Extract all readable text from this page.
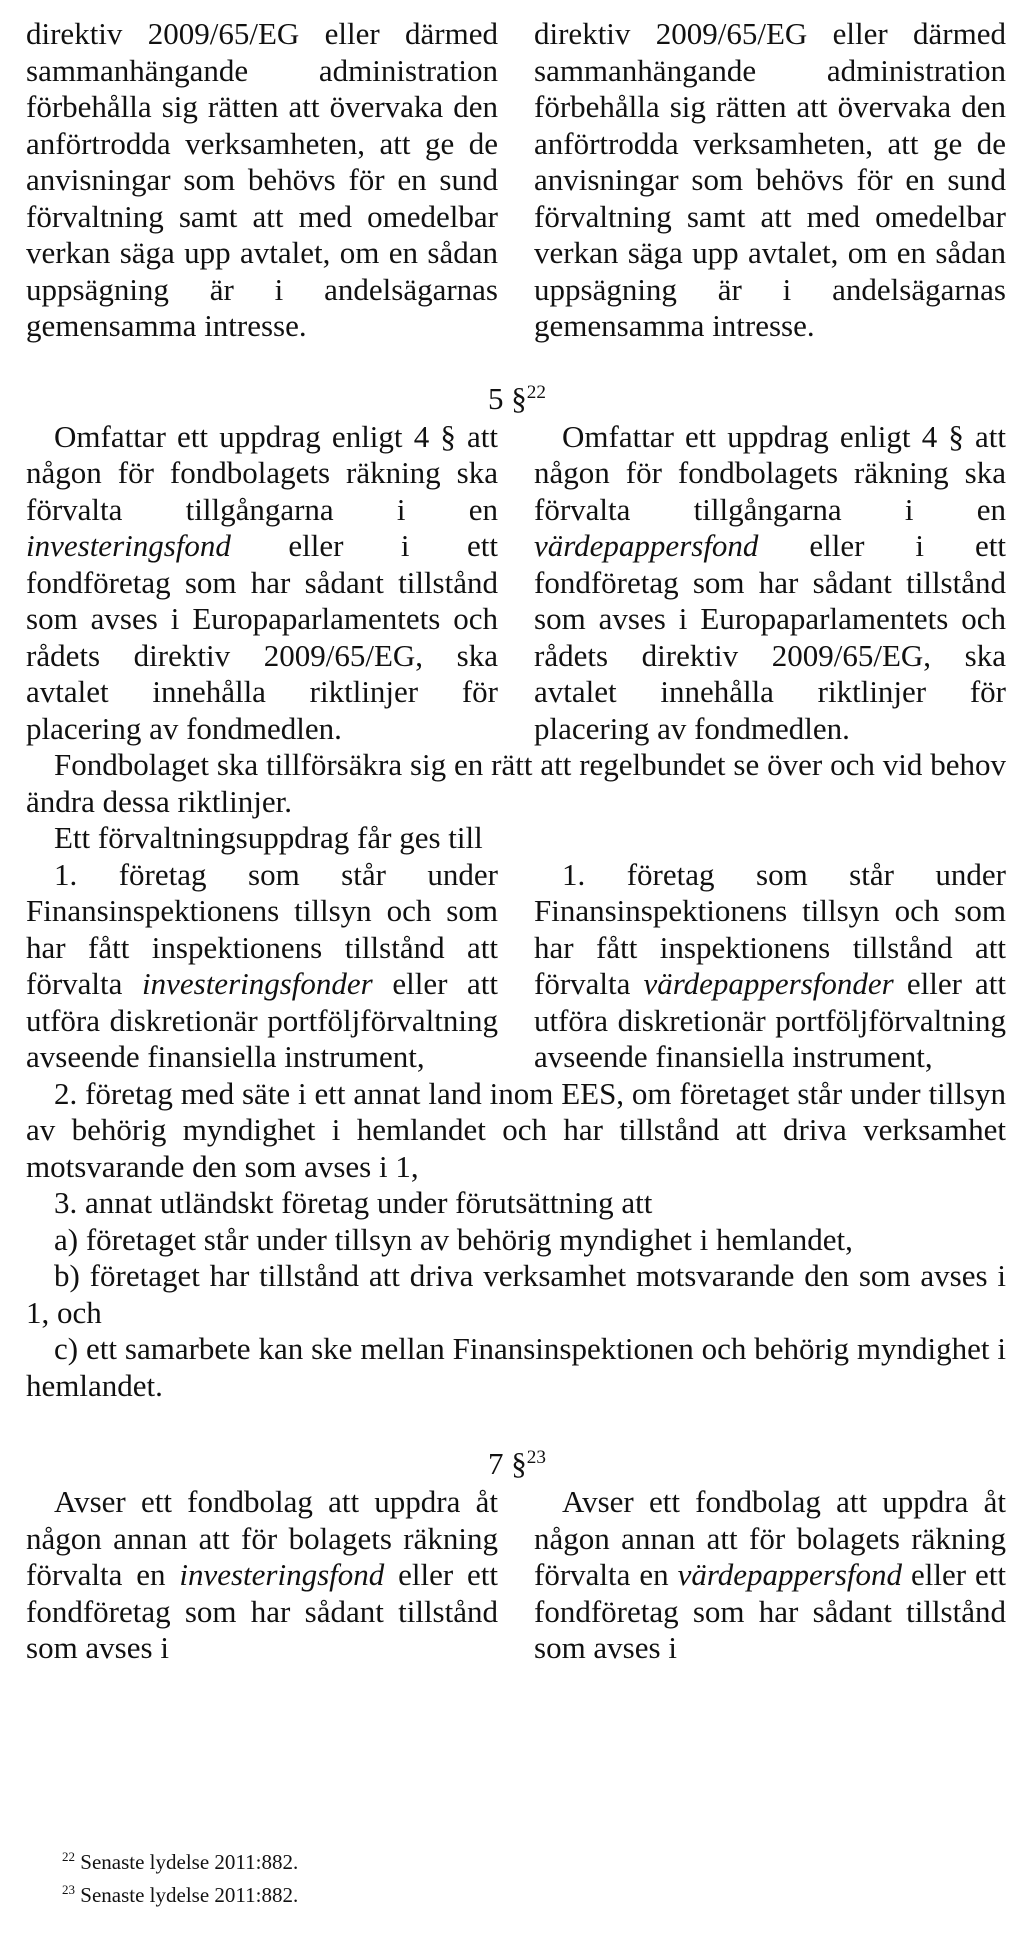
direktiv 2009/65/EG eller därmed sammanhängande administration förbehålla sig rätten att övervaka den anförtrodda verksamheten, att ge de anvisningar som behövs för en sund förvaltning samt att med omedelbar verkan säga upp avtalet, om en sådan uppsägning är i andelsägarnas gemensamma intresse.

direktiv 2009/65/EG eller därmed sammanhängande administration förbehålla sig rätten att övervaka den anförtrodda verksamheten, att ge de anvisningar som behövs för en sund förvaltning samt att med omedelbar verkan säga upp avtalet, om en sådan uppsägning är i andelsägarnas gemensamma intresse.

5 §$^{22}$

Omfattar ett uppdrag enligt 4 § att någon för fondbolagets räkning ska förvalta tillgångarna i en investeringsfond eller i ett fondföretag som har sådant tillstånd som avses i Europaparlamentets och rådets direktiv 2009/65/EG, ska avtalet innehålla riktlinjer för placering av fondmedlen.

Omfattar ett uppdrag enligt 4 § att någon för fondbolagets räkning ska förvalta tillgångarna i en värdepappersfond eller i ett fondföretag som har sådant tillstånd som avses i Europaparlamentets och rådets direktiv 2009/65/EG, ska avtalet innehålla riktlinjer för placering av fondmedlen.

Fondbolaget ska tillförsäkra sig en rätt att regelbundet se över och vid behov ändra dessa riktlinjer.

Ett förvaltningsuppdrag får ges till

1. företag som står under Finansinspektionens tillsyn och som har fått inspektionens tillstånd att förvalta investeringsfonder eller att utföra diskretionär portföljförvaltning avseende finansiella instrument,

1. företag som står under Finansinspektionens tillsyn och som har fått inspektionens tillstånd att förvalta värdepappersfonder eller att utföra diskretionär portföljförvaltning avseende finansiella instrument,

2. företag med säte i ett annat land inom EES, om företaget står under tillsyn av behörig myndighet i hemlandet och har tillstånd att driva verksamhet motsvarande den som avses i 1,

3. annat utländskt företag under förutsättning att

a) företaget står under tillsyn av behörig myndighet i hemlandet,

b) företaget har tillstånd att driva verksamhet motsvarande den som avses i 1, och

c) ett samarbete kan ske mellan Finansinspektionen och behörig myndighet i hemlandet.

7 §$^{23}$

Avser ett fondbolag att uppdra åt någon annan att för bolagets räkning förvalta en investeringsfond eller ett fondföretag som har sådant tillstånd som avses i

Avser ett fondbolag att uppdra åt någon annan att för bolagets räkning förvalta en värdepappersfond eller ett fondföretag som har sådant tillstånd som avses i

$^{22}$ Senaste lydelse 2011:882.

$^{23}$ Senaste lydelse 2011:882.
